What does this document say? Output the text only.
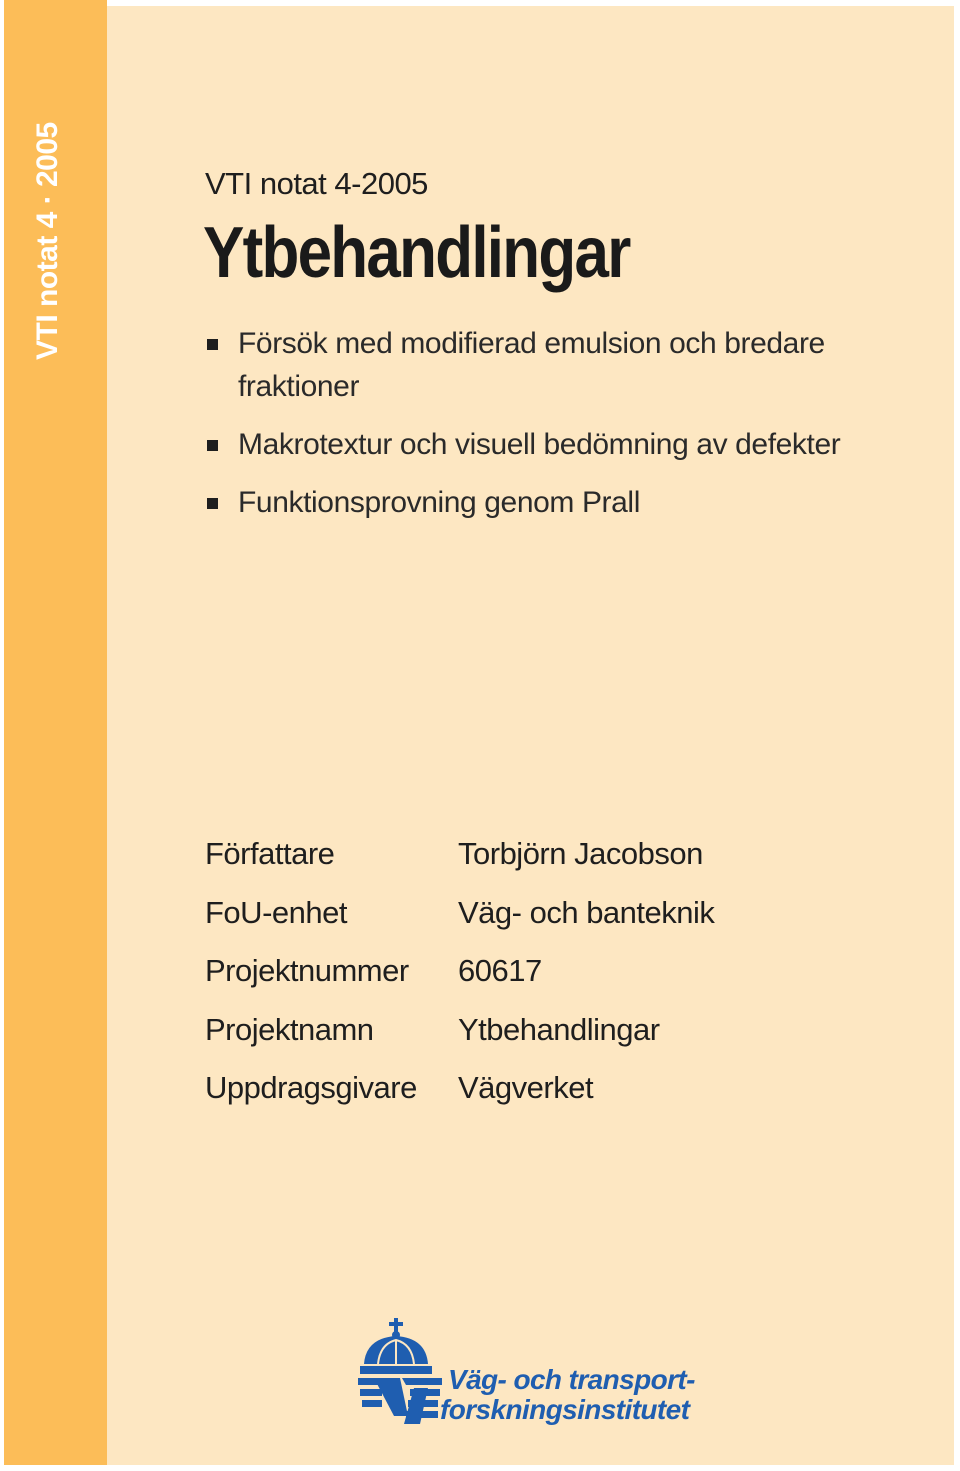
VTI notat 4 · 2005	VTI notat 4-2005
Ytbehandlingar
Försök med modifierad emulsion och bredare fraktioner
Makrotextur och visuell bedömning av defekter
Funktionsprovning genom Prall
Författare	Torbjörn Jacobson
FoU-enhet	Väg- och banteknik
Projektnummer	60617
Projektnamn	Ytbehandlingar
Uppdragsgivare	Vägverket
Väg- och transport-
forskningsinstitutet
